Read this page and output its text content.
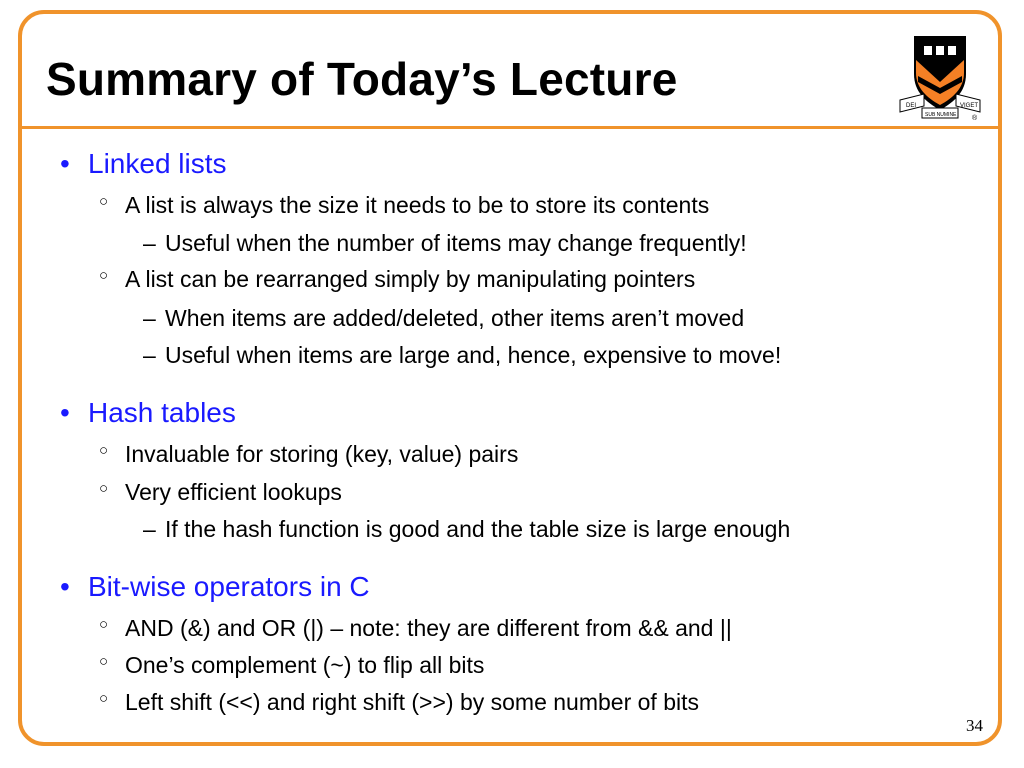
Summary of Today’s Lecture
DEI
SUB NUMINE
VIGET
®
• Linked lists
○ A list is always the size it needs to be to store its contents
– Useful when the number of items may change frequently!
○ A list can be rearranged simply by manipulating pointers
– When items are added/deleted, other items aren’t moved
– Useful when items are large and, hence, expensive to move!
• Hash tables
○ Invaluable for storing (key, value) pairs
○ Very efficient lookups
– If the hash function is good and the table size is large enough
• Bit-wise operators in C
○ AND (&) and OR (|) – note: they are different from && and ||
○ One’s complement (~) to flip all bits
○ Left shift (<<) and right shift (>>) by some number of bits
34
